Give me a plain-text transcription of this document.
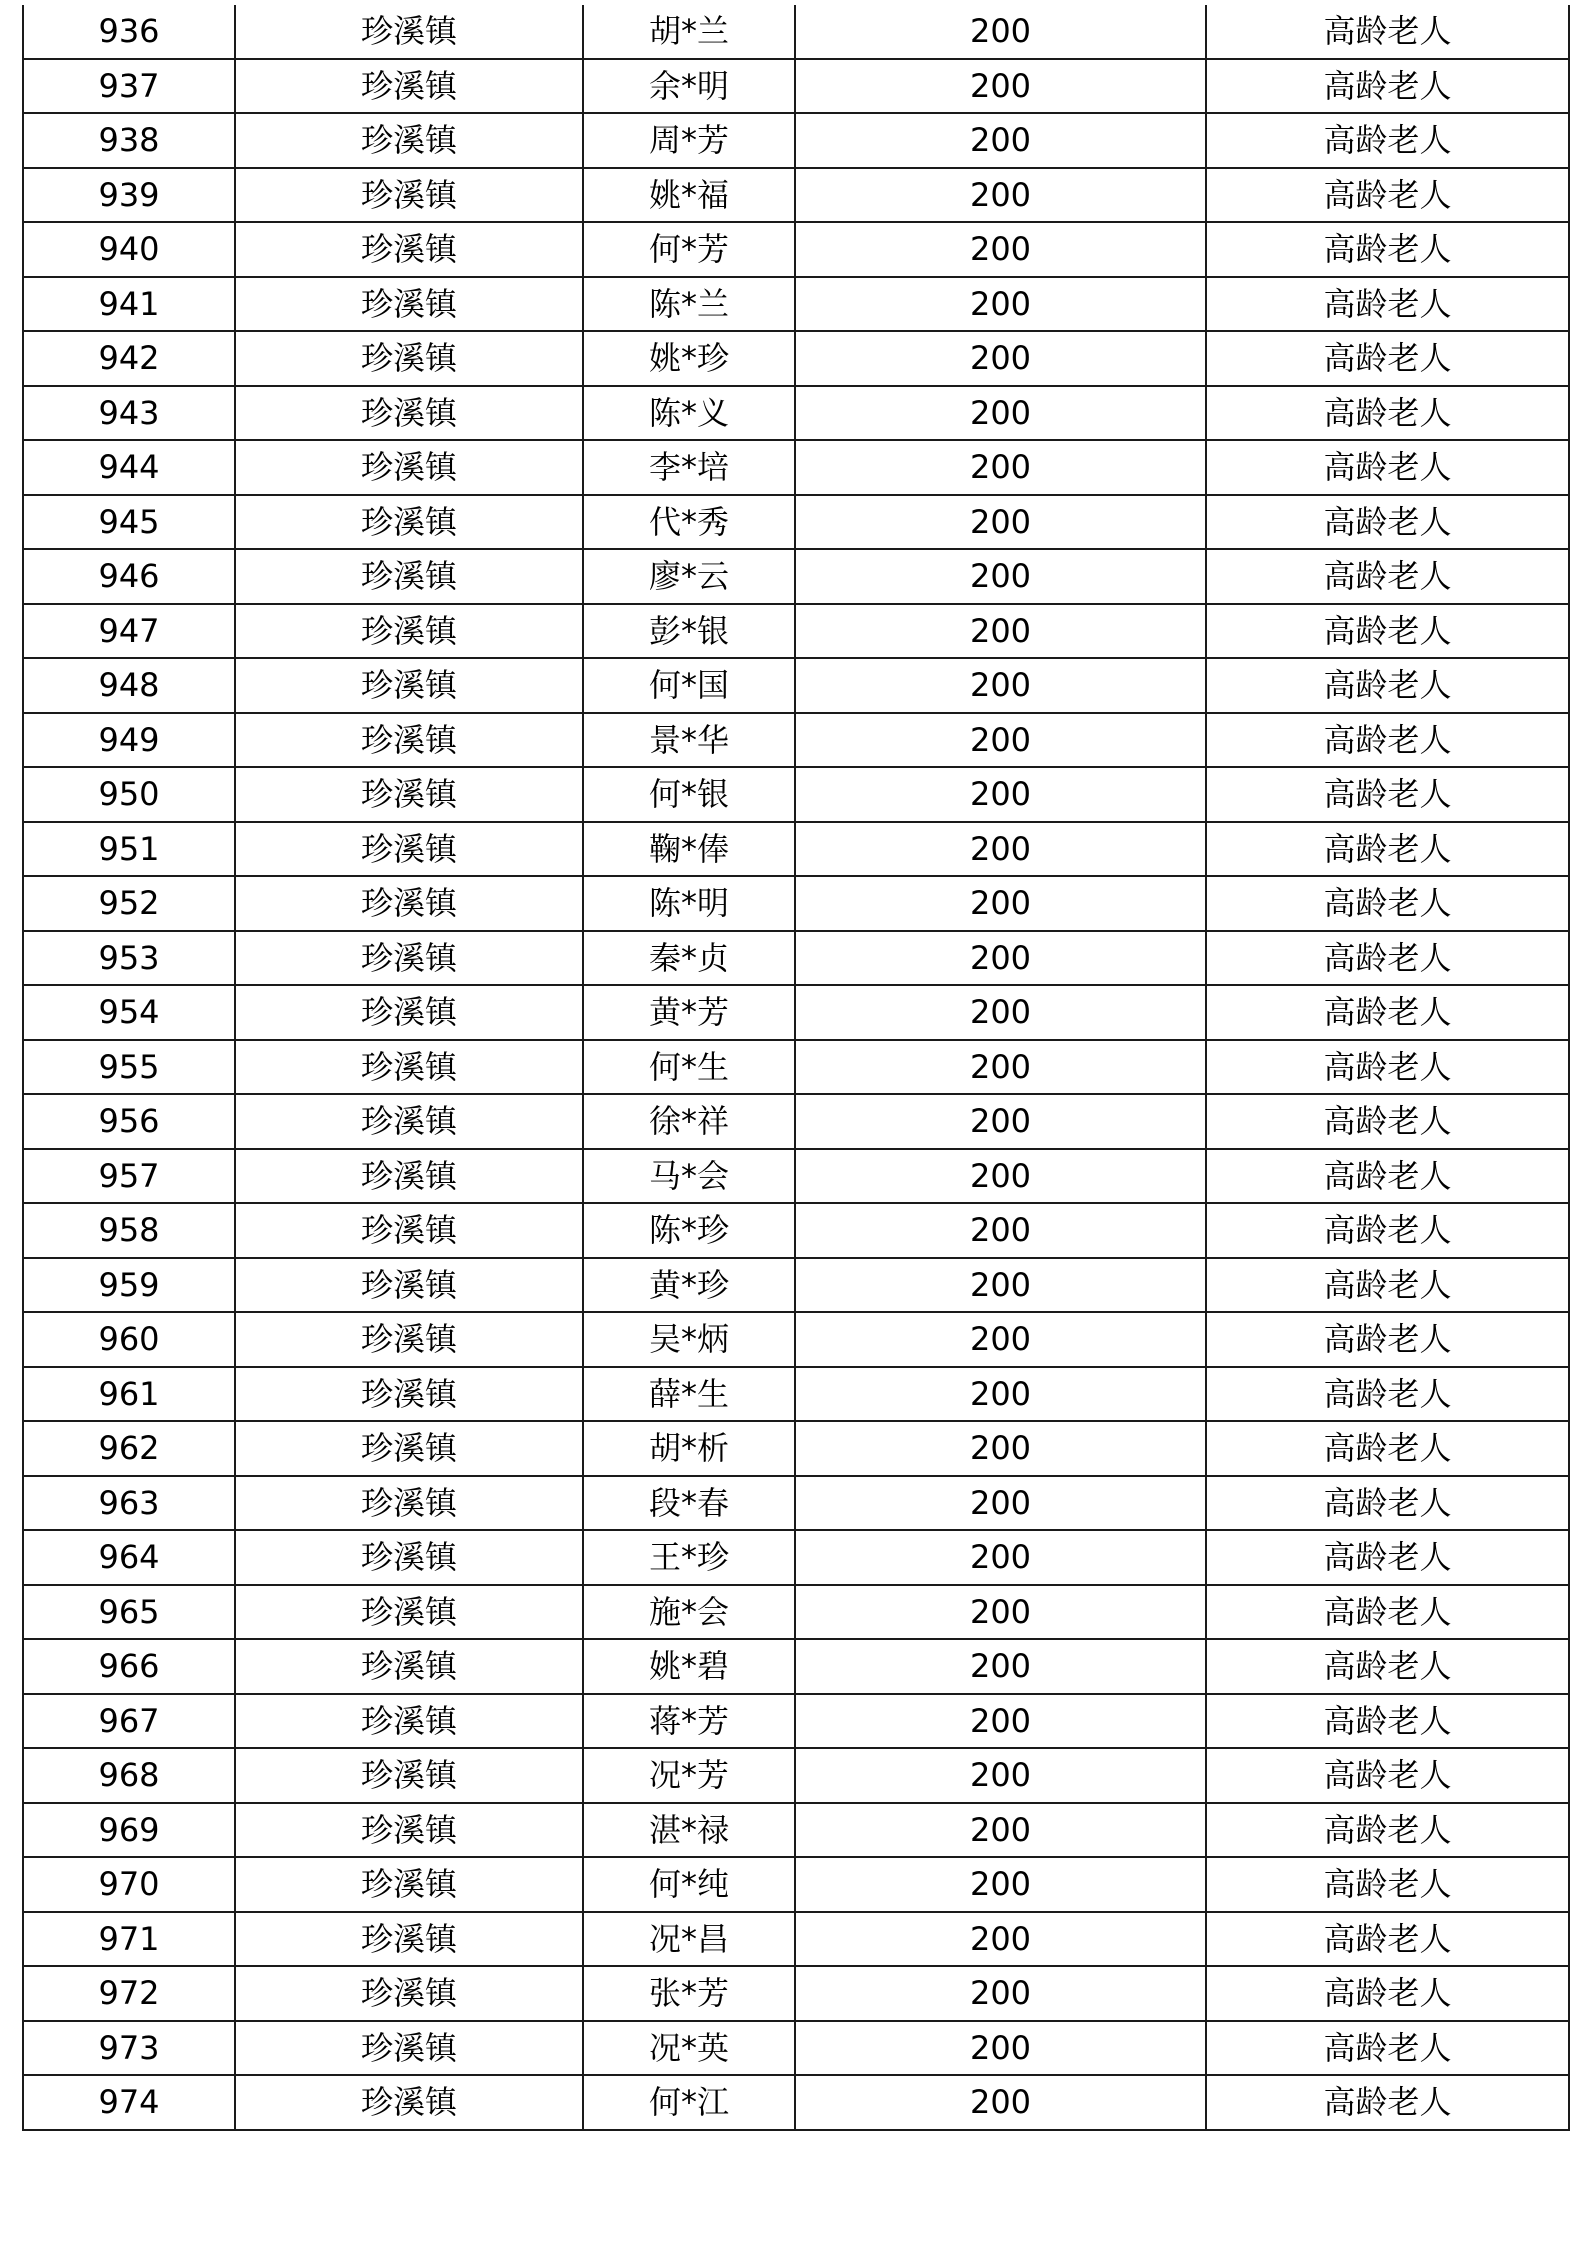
936	珍溪镇	胡*兰	200	高龄老人
937	珍溪镇	余*明	200	高龄老人
938	珍溪镇	周*芳	200	高龄老人
939	珍溪镇	姚*福	200	高龄老人
940	珍溪镇	何*芳	200	高龄老人
941	珍溪镇	陈*兰	200	高龄老人
942	珍溪镇	姚*珍	200	高龄老人
943	珍溪镇	陈*义	200	高龄老人
944	珍溪镇	李*培	200	高龄老人
945	珍溪镇	代*秀	200	高龄老人
946	珍溪镇	廖*云	200	高龄老人
947	珍溪镇	彭*银	200	高龄老人
948	珍溪镇	何*国	200	高龄老人
949	珍溪镇	景*华	200	高龄老人
950	珍溪镇	何*银	200	高龄老人
951	珍溪镇	鞠*俸	200	高龄老人
952	珍溪镇	陈*明	200	高龄老人
953	珍溪镇	秦*贞	200	高龄老人
954	珍溪镇	黄*芳	200	高龄老人
955	珍溪镇	何*生	200	高龄老人
956	珍溪镇	徐*祥	200	高龄老人
957	珍溪镇	马*会	200	高龄老人
958	珍溪镇	陈*珍	200	高龄老人
959	珍溪镇	黄*珍	200	高龄老人
960	珍溪镇	吴*炳	200	高龄老人
961	珍溪镇	薛*生	200	高龄老人
962	珍溪镇	胡*析	200	高龄老人
963	珍溪镇	段*春	200	高龄老人
964	珍溪镇	王*珍	200	高龄老人
965	珍溪镇	施*会	200	高龄老人
966	珍溪镇	姚*碧	200	高龄老人
967	珍溪镇	蒋*芳	200	高龄老人
968	珍溪镇	况*芳	200	高龄老人
969	珍溪镇	湛*禄	200	高龄老人
970	珍溪镇	何*纯	200	高龄老人
971	珍溪镇	况*昌	200	高龄老人
972	珍溪镇	张*芳	200	高龄老人
973	珍溪镇	况*英	200	高龄老人
974	珍溪镇	何*江	200	高龄老人
